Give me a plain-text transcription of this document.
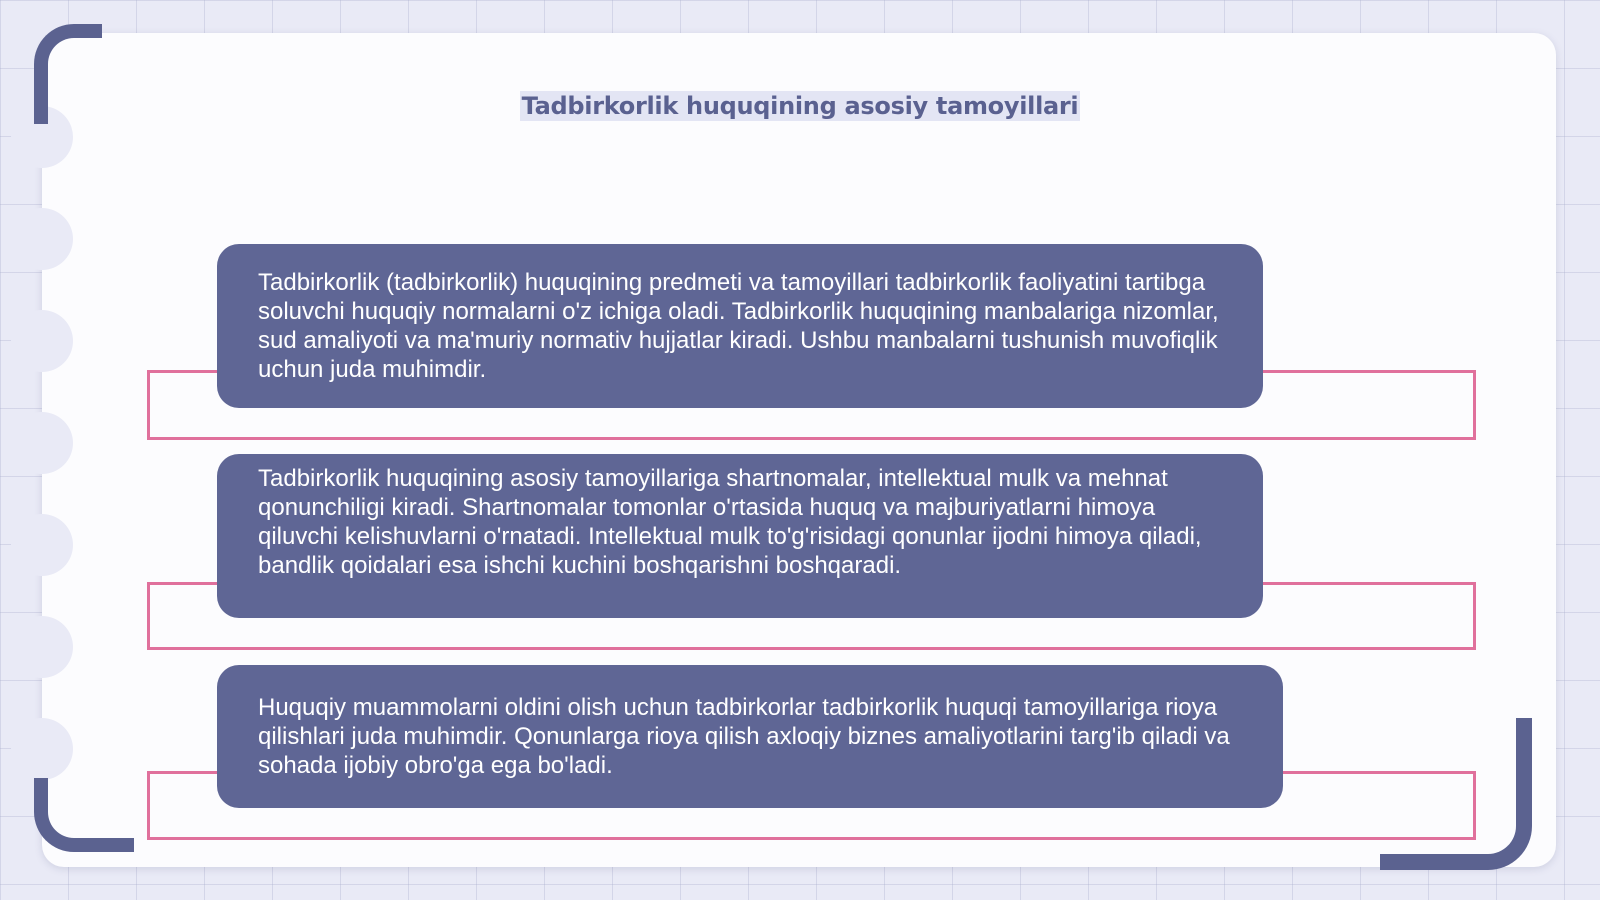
Tadbirkorlik huquqining asosiy tamoyillari
Tadbirkorlik (tadbirkorlik) huquqining predmeti va tamoyillari tadbirkorlik faoliyatini tartibga soluvchi huquqiy normalarni o'z ichiga oladi. Tadbirkorlik huquqining manbalariga nizomlar, sud amaliyoti va ma'muriy normativ hujjatlar kiradi. Ushbu manbalarni tushunish muvofiqlik uchun juda muhimdir.
Tadbirkorlik huquqining asosiy tamoyillariga shartnomalar, intellektual mulk va mehnat qonunchiligi kiradi. Shartnomalar tomonlar o'rtasida huquq va majburiyatlarni himoya qiluvchi kelishuvlarni o'rnatadi. Intellektual mulk to'g'risidagi qonunlar ijodni himoya qiladi, bandlik qoidalari esa ishchi kuchini boshqarishni boshqaradi.
Huquqiy muammolarni oldini olish uchun tadbirkorlar tadbirkorlik huquqi tamoyillariga rioya qilishlari juda muhimdir. Qonunlarga rioya qilish axloqiy biznes amaliyotlarini targ'ib qiladi va sohada ijobiy obro'ga ega bo'ladi.
